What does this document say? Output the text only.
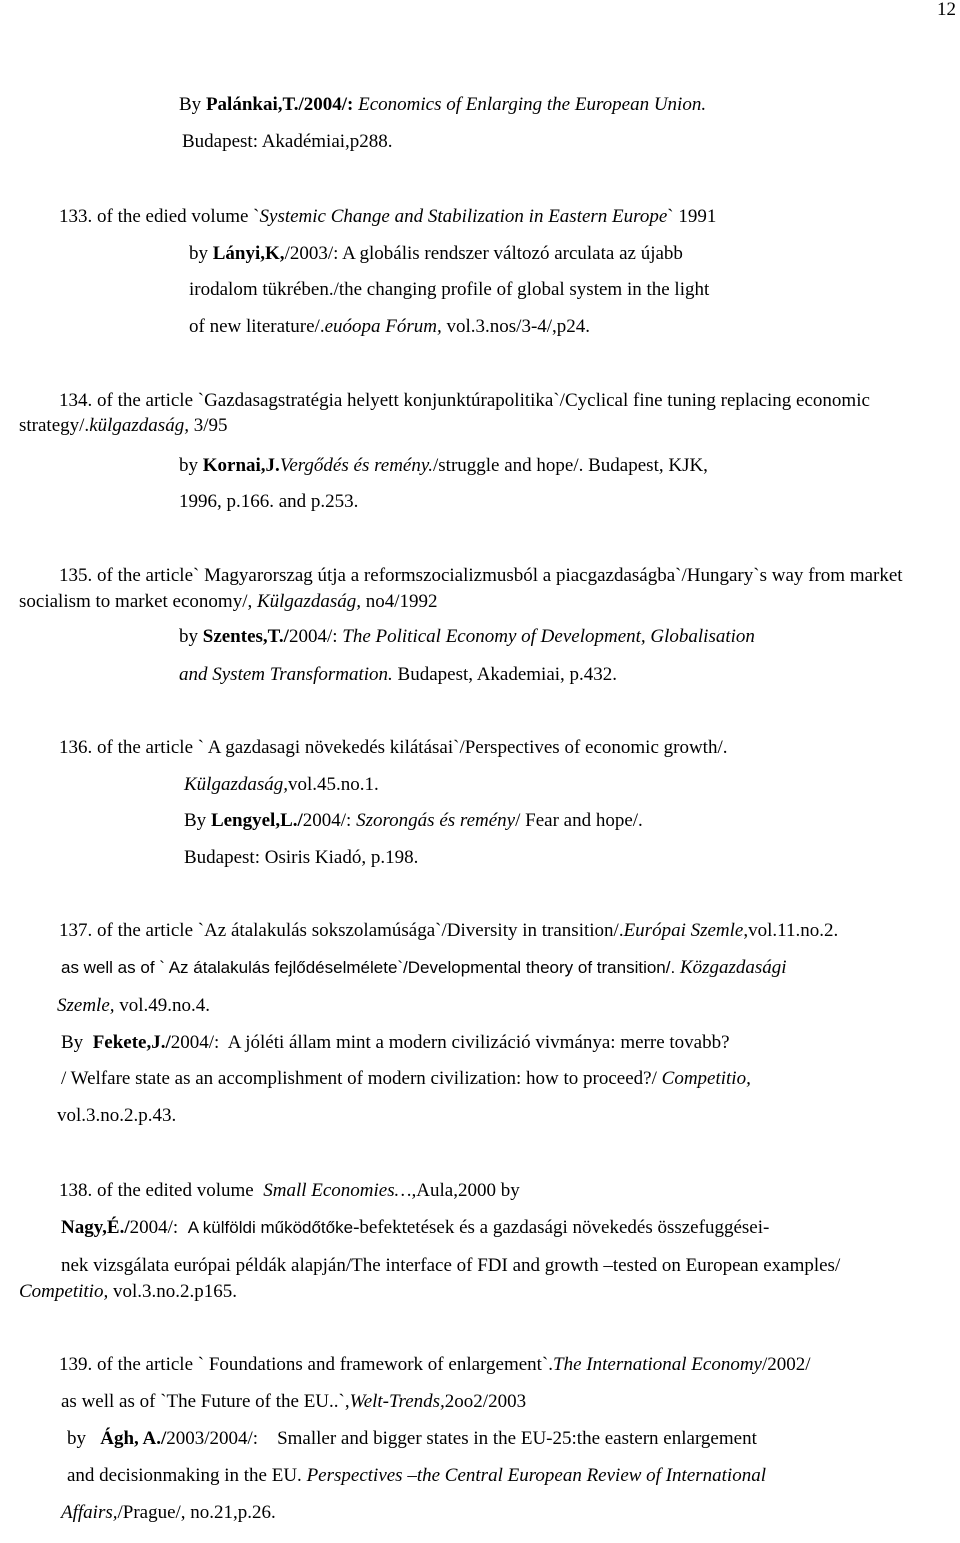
12

By Palánkai,T./2004/: Economics of Enlarging the European Union.

Budapest: Akadémiai,p288.

133. of the edied volume `Systemic Change and Stabilization in Eastern Europe` 1991

by Lányi,K,/2003/: A globális rendszer változó arculata az újabb

irodalom tükrében./the changing profile of global system in the light

of new literature/.euóopa Fórum, vol.3.nos/3-4/,p24.

134. of the article `Gazdasagstratégia helyett konjunktúrapolitika`/Cyclical fine tuning replacing economic

strategy/.külgazdaság, 3/95

by Kornai,J.Vergődés és remény./struggle and hope/. Budapest, KJK,

1996, p.166. and p.253.

135. of the article` Magyarorszag útja a reformszocializmusból a piacgazdaságba`/Hungary`s way from market

socialism to market economy/, Külgazdaság, no4/1992

by Szentes,T./2004/: The Political Economy of Development, Globalisation

and System Transformation. Budapest, Akademiai, p.432.

136. of the article ` A gazdasagi növekedés kilátásai`/Perspectives of economic growth/.

Külgazdaság,vol.45.no.1.

By Lengyel,L./2004/: Szorongás és remény/ Fear and hope/.

Budapest: Osiris Kiadó, p.198.

137. of the article `Az átalakulás sokszolamúsága`/Diversity in transition/.Európai Szemle,vol.11.no.2.

as well as of ` Az átalakulás fejlődéselmélete`/Developmental theory of transition/. Közgazdasági

Szemle, vol.49.no.4.

By  Fekete,J./2004/:  A jóléti állam mint a modern civilizáció vivmánya: merre tovabb?

/ Welfare state as an accomplishment of modern civilization: how to proceed?/ Competitio,

vol.3.no.2.p.43.

138. of the edited volume  Small Economies…,Aula,2000 by

Nagy,É./2004/:  A külföldi működőtőke-befektetések és a gazdasági növekedés összefuggései-

nek vizsgálata európai példák alapján/The interface of FDI and growth –tested on European examples/

Competitio, vol.3.no.2.p165.

139. of the article ` Foundations and framework of enlargement`.The International Economy/2002/

as well as of `The Future of the EU..`,Welt-Trends,2oo2/2003

by   Ágh, A./2003/2004/:    Smaller and bigger states in the EU-25:the eastern enlargement

and decisionmaking in the EU. Perspectives –the Central European Review of International

Affairs,/Prague/, no.21,p.26.
